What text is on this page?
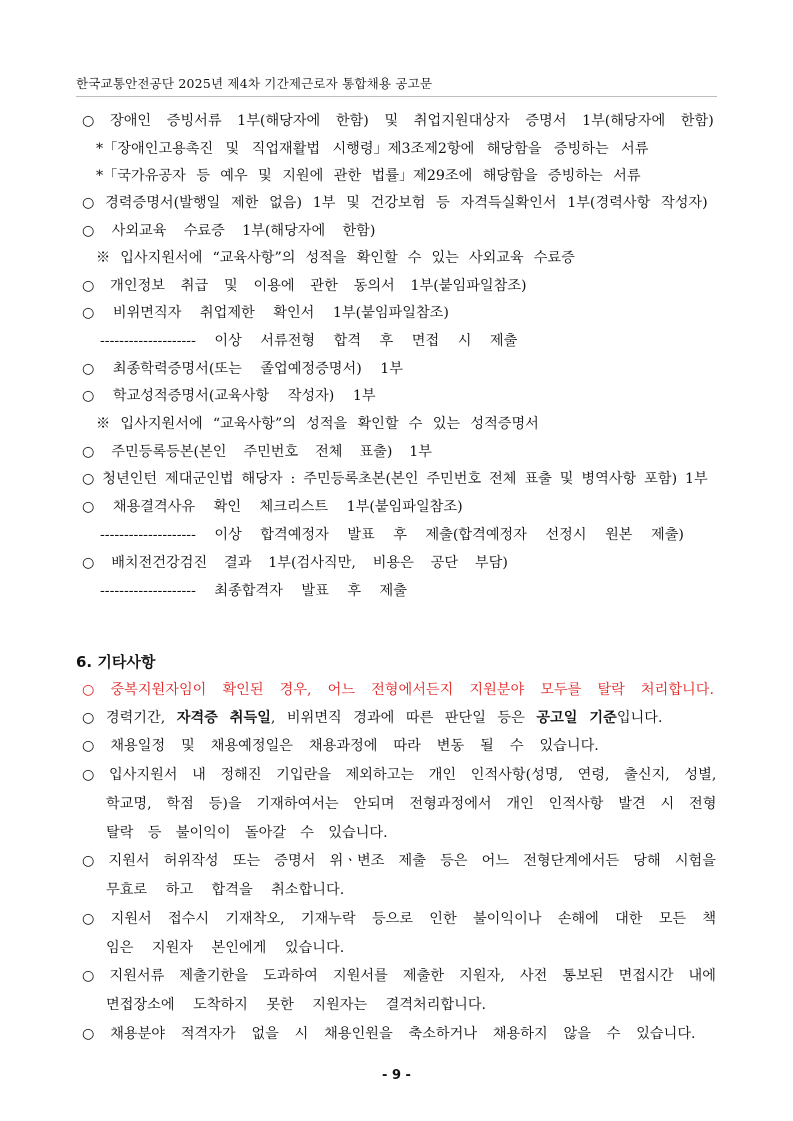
한국교통안전공단 2025년 제4차 기간제근로자 통합채용 공고문
○ 장애인 증빙서류 1부(해당자에 한함) 및 취업지원대상자 증명서 1부(해당자에 한함)
*「장애인고용촉진 및 직업재활법 시행령」제3조제2항에 해당함을 증빙하는 서류
*「국가유공자 등 예우 및 지원에 관한 법률」제29조에 해당함을 증빙하는 서류
○ 경력증명서(발행일 제한 없음) 1부 및 건강보험 등 자격득실확인서 1부(경력사항 작성자)
○ 사외교육 수료증 1부(해당자에 한함)
※ 입사지원서에 “교육사항”의 성적을 확인할 수 있는 사외교육 수료증
○ 개인정보 취급 및 이용에 관한 동의서 1부(붙임파일참조)
○ 비위면직자 취업제한 확인서 1부(붙임파일참조)
-------------------- 이상 서류전형 합격 후 면접 시 제출
○ 최종학력증명서(또는 졸업예정증명서) 1부
○ 학교성적증명서(교육사항 작성자) 1부
※ 입사지원서에 “교육사항”의 성적을 확인할 수 있는 성적증명서
○ 주민등록등본(본인 주민번호 전체 표출) 1부
○ 청년인턴 제대군인법 해당자 : 주민등록초본(본인 주민번호 전체 표출 및 병역사항 포함) 1부
○ 채용결격사유 확인 체크리스트 1부(붙임파일참조)
-------------------- 이상 합격예정자 발표 후 제출(합격예정자 선정시 원본 제출)
○ 배치전건강검진 결과 1부(검사직만, 비용은 공단 부담)
-------------------- 최종합격자 발표 후 제출
6. 기타사항
○ 중복지원자임이 확인된 경우, 어느 전형에서든지 지원분야 모두를 탈락 처리합니다.
○ 경력기간, 자격증 취득일, 비위면직 경과에 따른 판단일 등은 공고일 기준입니다.
○ 채용일정 및 채용예정일은 채용과정에 따라 변동 될 수 있습니다.
○ 입사지원서 내 정해진 기입란을 제외하고는 개인 인적사항(성명, 연령, 출신지, 성별,
학교명, 학점 등)을 기재하여서는 안되며 전형과정에서 개인 인적사항 발견 시 전형
탈락 등 불이익이 돌아갈 수 있습니다.
○ 지원서 허위작성 또는 증명서 위ㆍ변조 제출 등은 어느 전형단계에서든 당해 시험을
무효로 하고 합격을 취소합니다.
○ 지원서 접수시 기재착오, 기재누락 등으로 인한 불이익이나 손해에 대한 모든 책
임은 지원자 본인에게 있습니다.
○ 지원서류 제출기한을 도과하여 지원서를 제출한 지원자, 사전 통보된 면접시간 내에
면접장소에 도착하지 못한 지원자는 결격처리합니다.
○ 채용분야 적격자가 없을 시 채용인원을 축소하거나 채용하지 않을 수 있습니다.
- 9 -
